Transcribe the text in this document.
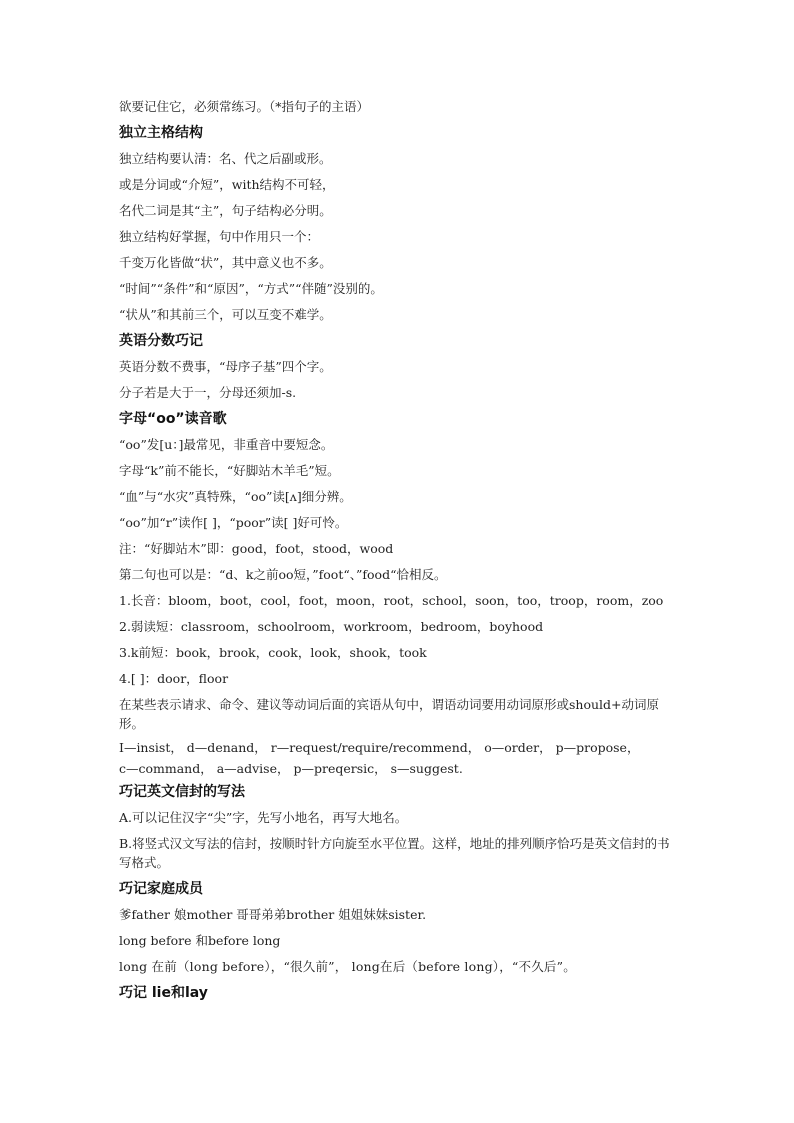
欲要记住它，必须常练习。（*指句子的主语）

独立主格结构

独立结构要认清：名、代之后副或形。

或是分词或“介短”，with结构不可轻，

名代二词是其“主”，句子结构必分明。

独立结构好掌握，句中作用只一个：

千变万化皆做“状”，其中意义也不多。

“时间”“条件”和“原因”，“方式”“伴随”没别的。

“状从”和其前三个，可以互变不难学。

英语分数巧记

英语分数不费事，“母序子基”四个字。

分子若是大于一，分母还须加-s.

字母“oo”读音歌

“oo”发[u：]最常见，非重音中要短念。

字母“k”前不能长，“好脚站木羊毛”短。

“血”与“水灾”真特殊，“oo”读[ʌ]细分辨。

“oo”加“r”读作[ ]，“poor”读[ ]好可怜。

注：“好脚站木”即：good，foot，stood，wood

第二句也可以是：“d、k之前oo短，”foot“、”food“恰相反。

1.长音：bloom，boot，cool，foot，moon，root，school，soon，too，troop，room，zoo

2.弱读短：classroom，schoolroom，workroom，bedroom，boyhood

3.k前短：book，brook，cook，look，shook，took

4.[ ]：door，floor

在某些表示请求、命令、建议等动词后面的宾语从句中，谓语动词要用动词原形或should+动词原形。

I—insist， d—denand， r—request/require/recommend， o—order， p—propose，
c—command， a—advise， p—preqersic， s—suggest.

巧记英文信封的写法

A.可以记住汉字“尖”字，先写小地名，再写大地名。

B.将竖式汉文写法的信封，按顺时针方向旋至水平位置。这样，地址的排列顺序恰巧是英文信封的书写格式。

巧记家庭成员

爹father 娘mother 哥哥弟弟brother 姐姐妹妹sister.

long before 和before long

long 在前（long before），“很久前”， long在后（before long），“不久后”。

巧记 lie和lay
